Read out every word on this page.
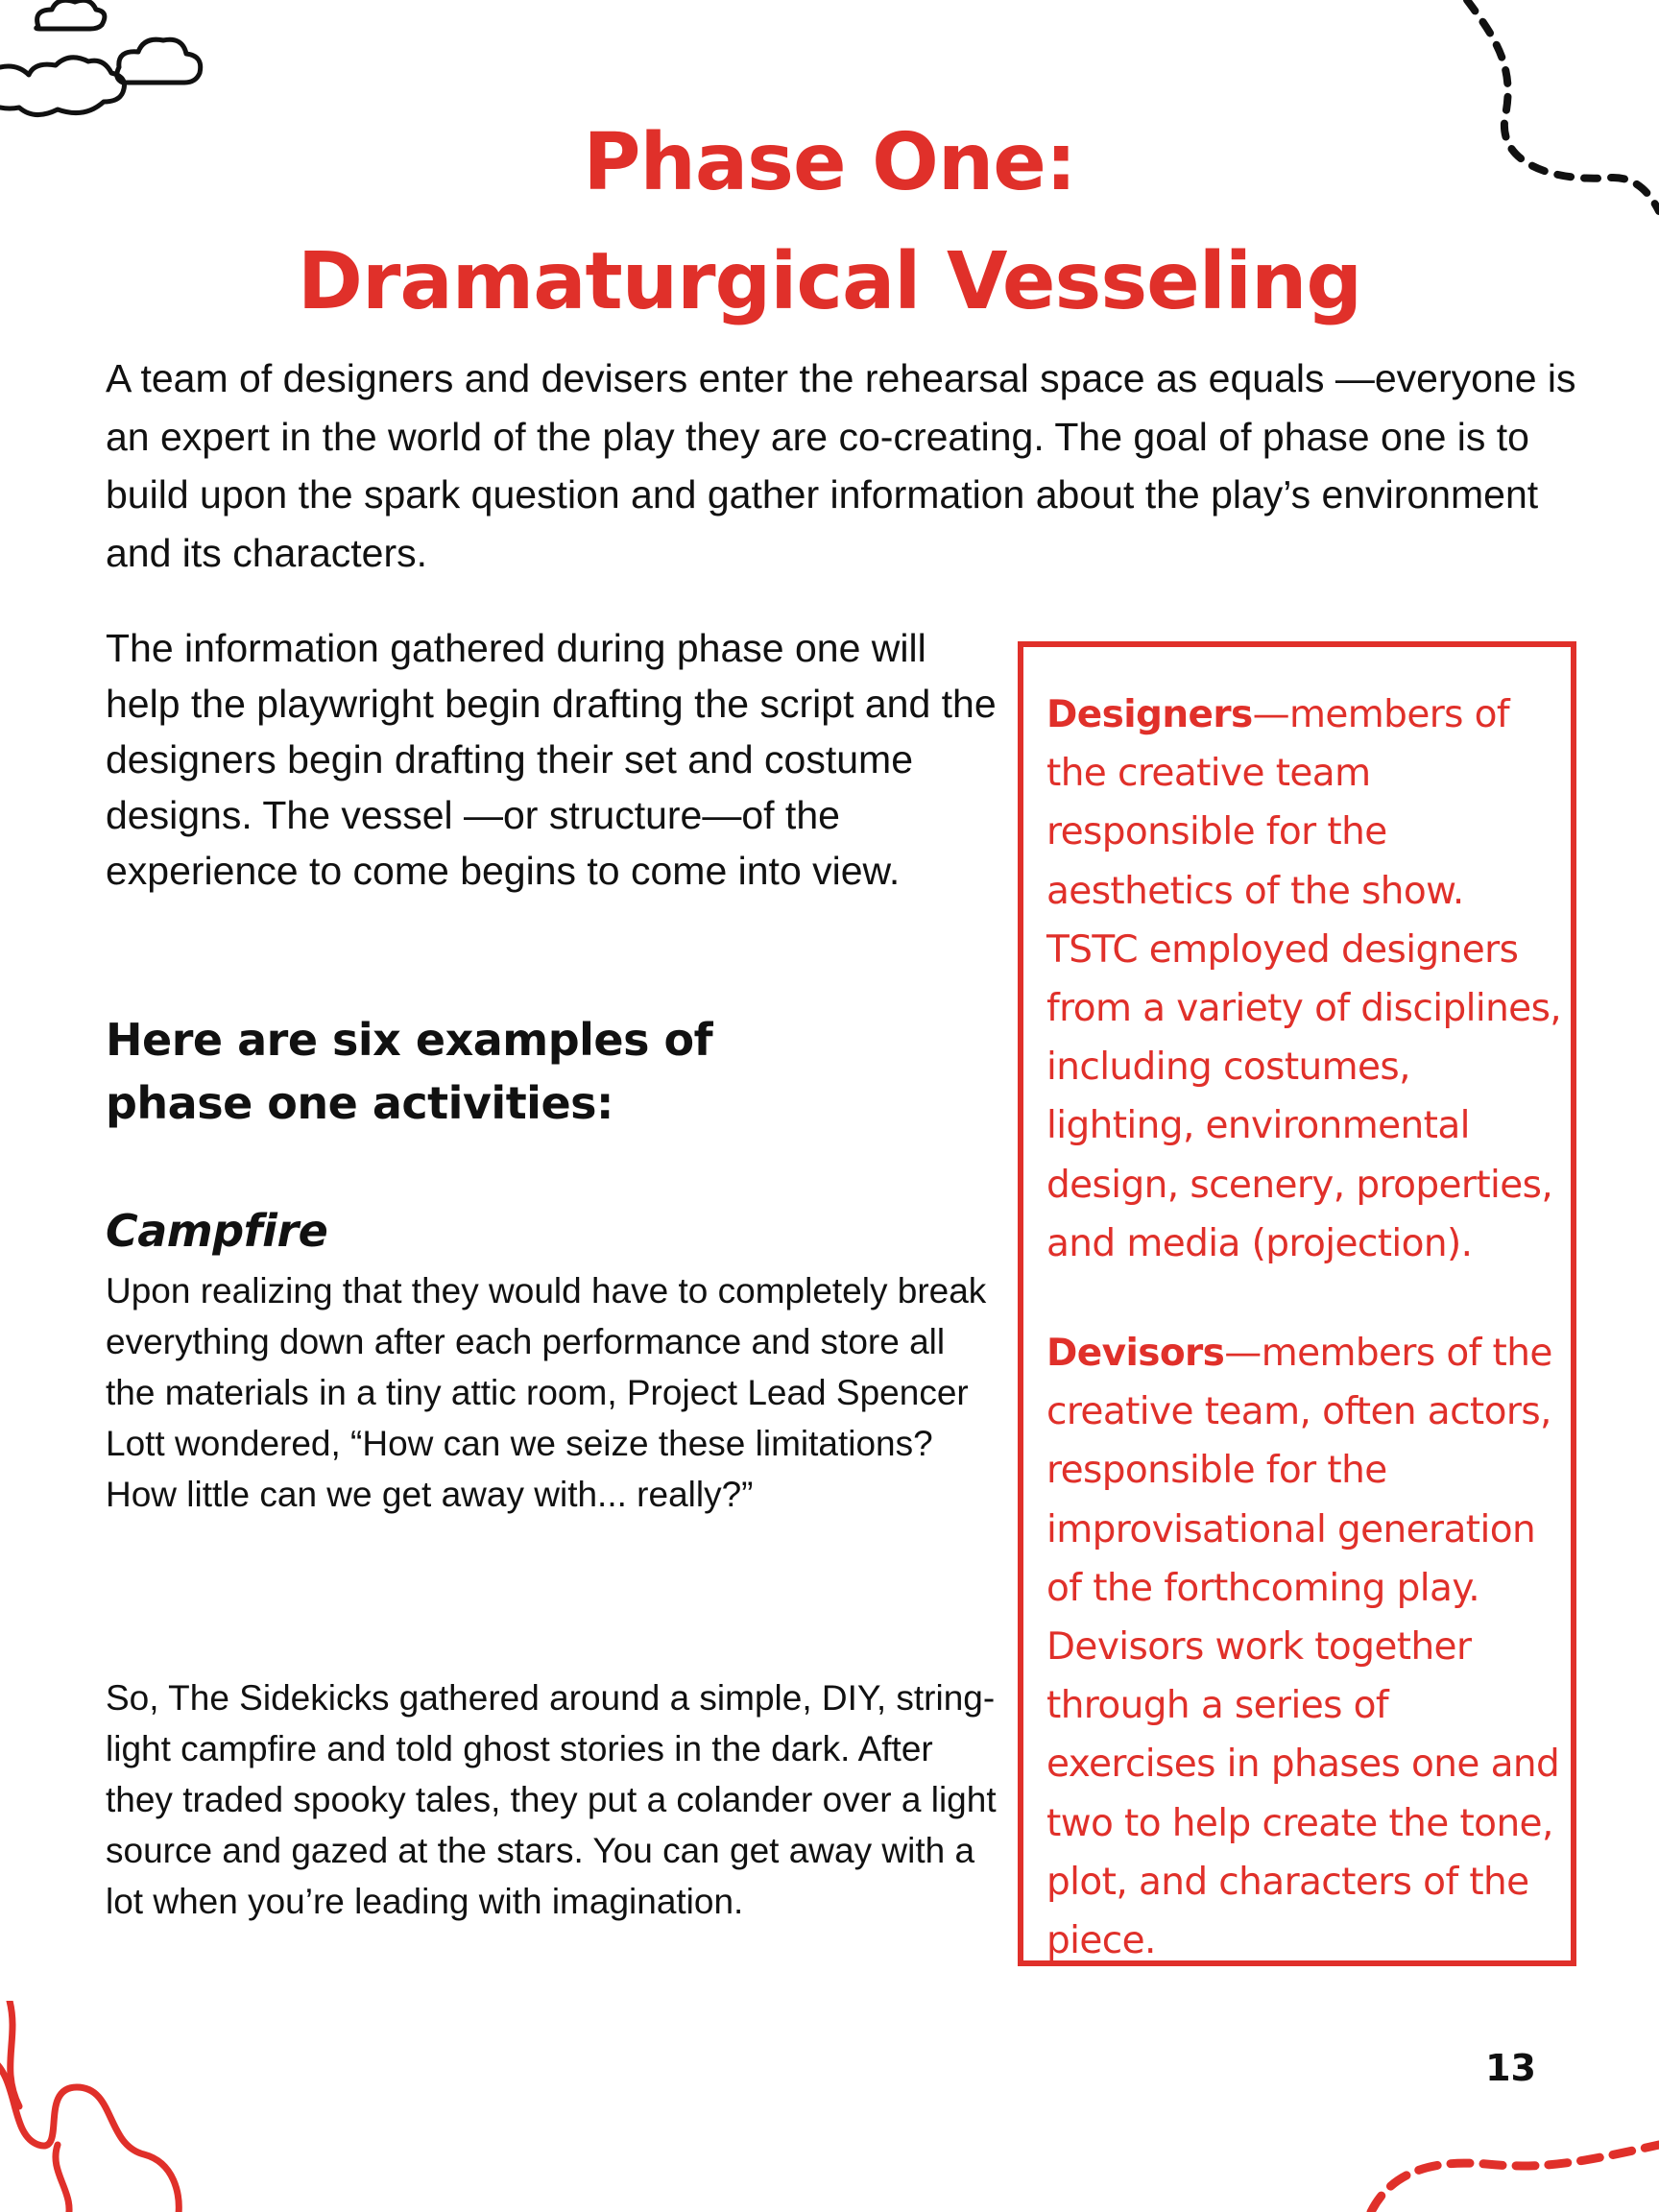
Phase One:
Dramaturgical Vesseling

A team of designers and devisers enter the rehearsal space as equals —everyone is an expert in the world of the play they are co-creating. The goal of phase one is to build upon the spark question and gather information about the play’s environment and its characters.

The information gathered during phase one will help the playwright begin drafting the script and the designers begin drafting their set and costume designs. The vessel —or structure—of the experience to come begins to come into view.

Here are six examples of
phase one activities:
Campfire

Upon realizing that they would have to completely break everything down after each performance and store all the materials in a tiny attic room, Project Lead Spencer Lott wondered, “How can we seize these limitations? How little can we get away with... really?”

So, The Sidekicks gathered around a simple, DIY, string-light campfire and told ghost stories in the dark. After they traded spooky tales, they put a colander over a light source and gazed at the stars. You can get away with a lot when you’re leading with imagination.

Designers—members of the creative team responsible for the aesthetics of the show. TSTC employed designers from a variety of disciplines, including costumes, lighting, environmental design, scenery, properties, and media (projection).

Devisors—members of the creative team, often actors, responsible for the improvisational generation of the forthcoming play. Devisors work together through a series of exercises in phases one and two to help create the tone, plot, and characters of the piece.

13
